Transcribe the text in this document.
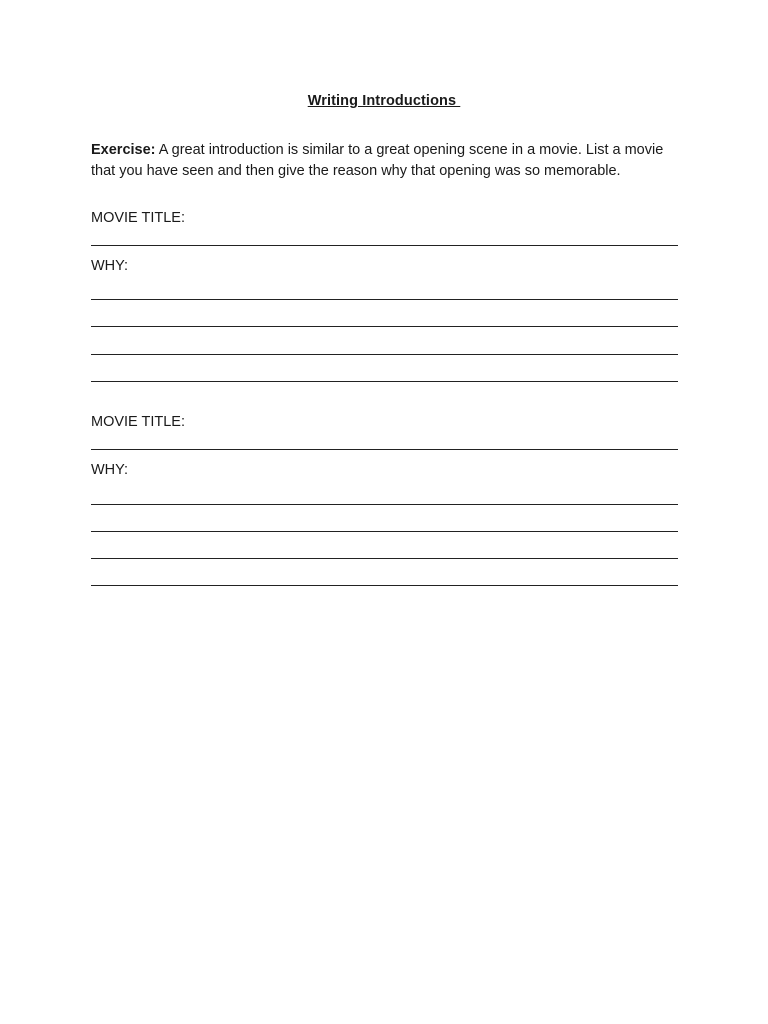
Writing Introductions

Exercise: A great introduction is similar to a great opening scene in a movie. List a movie that you have seen and then give the reason why that opening was so memorable.

MOVIE TITLE:
WHY:
MOVIE TITLE:
WHY:
